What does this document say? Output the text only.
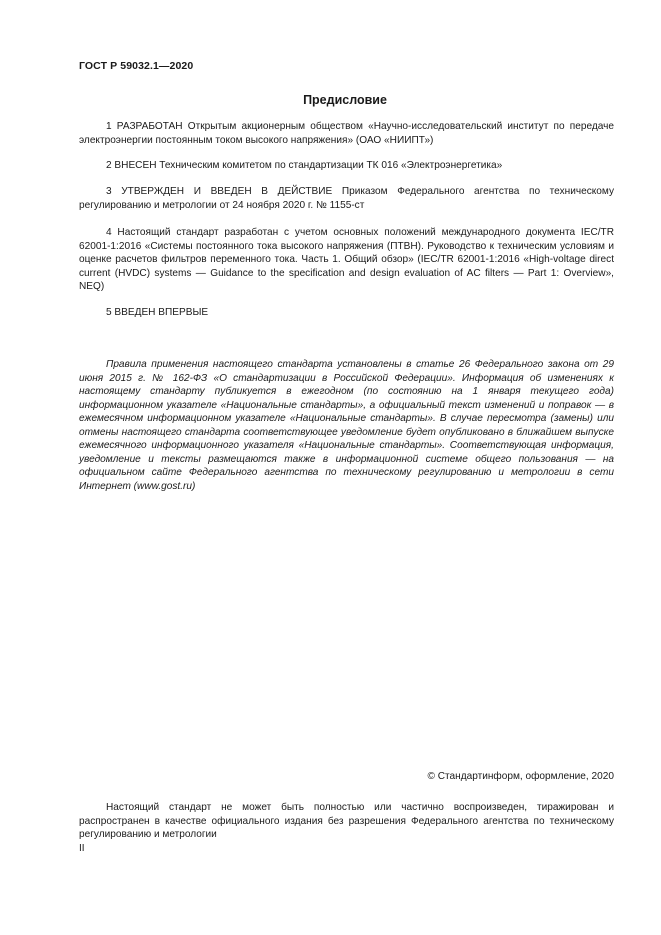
ГОСТ Р 59032.1—2020
Предисловие

1 РАЗРАБОТАН Открытым акционерным обществом «Научно-исследовательский институт по передаче электроэнергии постоянным током высокого напряжения» (ОАО «НИИПТ»)

2 ВНЕСЕН Техническим комитетом по стандартизации ТК 016 «Электроэнергетика»

3 УТВЕРЖДЕН И ВВЕДЕН В ДЕЙСТВИЕ Приказом Федерального агентства по техническому регулированию и метрологии от 24 ноября 2020 г. № 1155-ст

4 Настоящий стандарт разработан с учетом основных положений международного документа IEC/TR 62001-1:2016 «Системы постоянного тока высокого напряжения (ПТВН). Руководство к техническим условиям и оценке расчетов фильтров переменного тока. Часть 1. Общий обзор» (IEC/TR 62001-1:2016 «High-voltage direct current (HVDC) systems — Guidance to the specification and design evaluation of AC filters — Part 1: Overview», NEQ)

5 ВВЕДЕН ВПЕРВЫЕ

Правила применения настоящего стандарта установлены в статье 26 Федерального закона от 29 июня 2015 г. № 162-ФЗ «О стандартизации в Российской Федерации». Информация об изменениях к настоящему стандарту публикуется в ежегодном (по состоянию на 1 января текущего года) информационном указателе «Национальные стандарты», а официальный текст изменений и поправок — в ежемесячном информационном указателе «Национальные стандарты». В случае пересмотра (замены) или отмены настоящего стандарта соответствующее уведомление будет опубликовано в ближайшем выпуске ежемесячного информационного указателя «Национальные стандарты». Соответствующая информация, уведомление и тексты размещаются также в информационной системе общего пользования — на официальном сайте Федерального агентства по техническому регулированию и метрологии в сети Интернет (www.gost.ru)

© Стандартинформ, оформление, 2020

Настоящий стандарт не может быть полностью или частично воспроизведен, тиражирован и распространен в качестве официального издания без разрешения Федерального агентства по техническому регулированию и метрологии

II
